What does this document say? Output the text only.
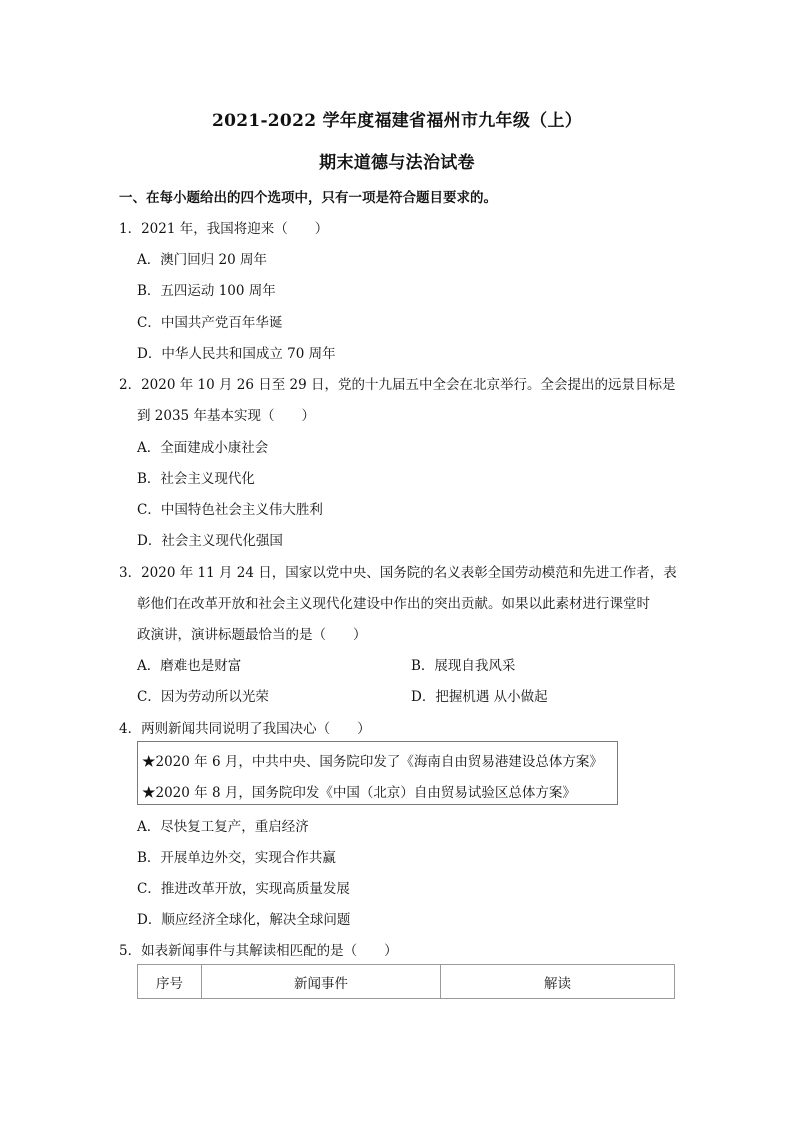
2021-2022 学年度福建省福州市九年级（上）
期末道德与法治试卷
一、在每小题给出的四个选项中，只有一项是符合题目要求的。
1．2021 年，我国将迎来（　　）
A．澳门回归 20 周年
B．五四运动 100 周年
C．中国共产党百年华诞
D．中华人民共和国成立 70 周年
2．2020 年 10 月 26 日至 29 日，党的十九届五中全会在北京举行。全会提出的远景目标是
到 2035 年基本实现（　　）
A．全面建成小康社会
B．社会主义现代化
C．中国特色社会主义伟大胜利
D．社会主义现代化强国
3．2020 年 11 月 24 日，国家以党中央、国务院的名义表彰全国劳动模范和先进工作者，表
彰他们在改革开放和社会主义现代化建设中作出的突出贡献。如果以此素材进行课堂时
政演讲，演讲标题最恰当的是（　　）
A．磨难也是财富	B．展现自我风采
C．因为劳动所以光荣	D．把握机遇 从小做起
4．两则新闻共同说明了我国决心（　　）
★2020 年 6 月，中共中央、国务院印发了《海南自由贸易港建设总体方案》
★2020 年 8 月，国务院印发《中国（北京）自由贸易试验区总体方案》
A．尽快复工复产，重启经济
B．开展单边外交，实现合作共赢
C．推进改革开放，实现高质量发展
D．顺应经济全球化，解决全球问题
5．如表新闻事件与其解读相匹配的是（　　）
序号	新闻事件	解读
